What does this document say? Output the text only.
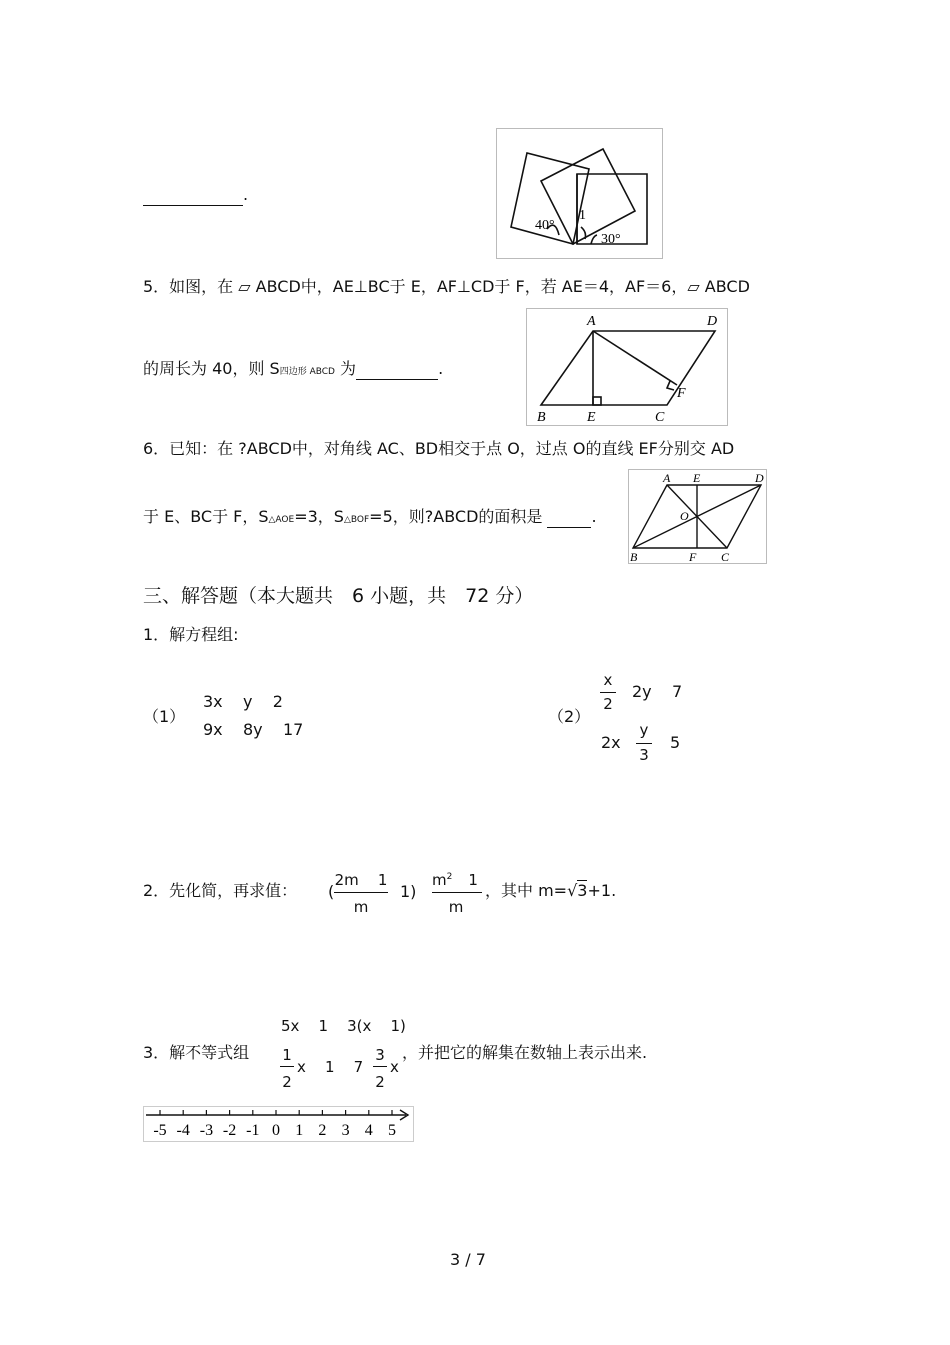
.
40°
1
30°
5．如图，在 ▱ ABCD中，AE⊥BC于 E，AF⊥CD于 F，若 AE＝4，AF＝6，▱ ABCD
的周长为 40，则 S四边形 ABCD 为	.
A	D
B	E	C
F
6．已知：在 ?ABCD中，对角线 AC、BD相交于点 O，过点 O的直线 EF分别交 AD
于 E、BC于 F，S△AOE=3，S△BOF=5，则?ABCD的面积是	.
A E	D
O
B	F C
三、解答题（本大题共　6 小题，共　72 分）
1．解方程组:
（1）
3x    y    2
9x    8y    17
（2）
x
2
2y    7
2x
y
3
5
2．先化简，再求值： (
2m    1
m
1)
$m^2$ 1
m
，其中 m=√3+1.
3．解不等式组
5x    1    3(x    1)
1
2
x    1    7
3
2
x
，并把它的解集在数轴上表示出来.
-5 -4 -3 -2 -1 0 1 2 3 4 5
3 / 7
